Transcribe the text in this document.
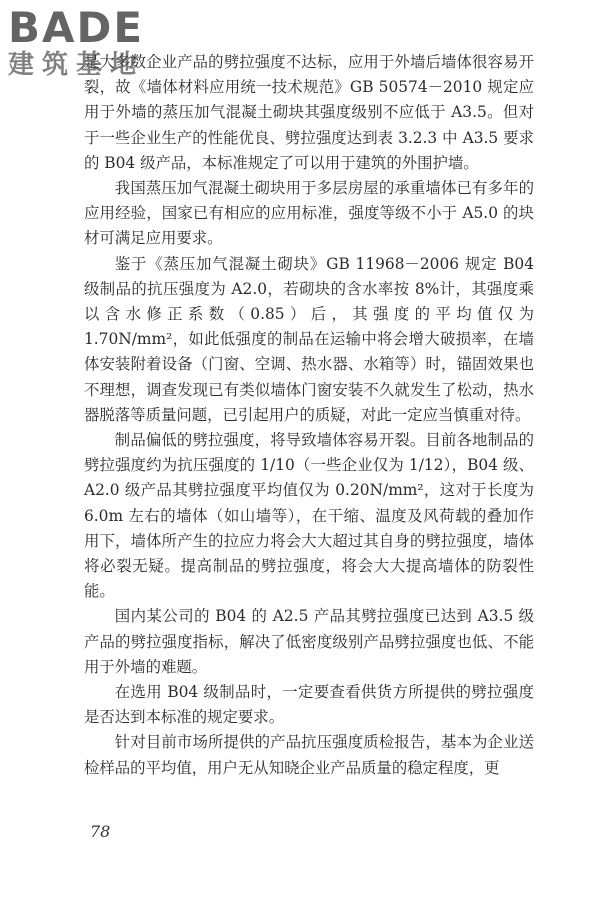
BADE
建筑基地

是大多数企业产品的劈拉强度不达标，应用于外墙后墙体很容易开裂，故《墙体材料应用统一技术规范》GB 50574－2010 规定应用于外墙的蒸压加气混凝土砌块其强度级别不应低于 A3.5。但对于一些企业生产的性能优良、劈拉强度达到表 3.2.3 中 A3.5 要求的 B04 级产品，本标准规定了可以用于建筑的外围护墙。

我国蒸压加气混凝土砌块用于多层房屋的承重墙体已有多年的应用经验，国家已有相应的应用标准，强度等级不小于 A5.0 的块材可满足应用要求。

鉴于《蒸压加气混凝土砌块》GB 11968－2006 规定 B04 级制品的抗压强度为 A2.0，若砌块的含水率按 8%计，其强度乘以含水修正系数（0.85）后，其强度的平均值仅为 1.70N/mm²，如此低强度的制品在运输中将会增大破损率，在墙体安装附着设备（门窗、空调、热水器、水箱等）时，锚固效果也不理想，调查发现已有类似墙体门窗安装不久就发生了松动，热水器脱落等质量问题，已引起用户的质疑，对此一定应当慎重对待。

制品偏低的劈拉强度，将导致墙体容易开裂。目前各地制品的劈拉强度约为抗压强度的 1/10（一些企业仅为 1/12），B04 级、A2.0 级产品其劈拉强度平均值仅为 0.20N/mm²，这对于长度为 6.0m 左右的墙体（如山墙等），在干缩、温度及风荷载的叠加作用下，墙体所产生的拉应力将会大大超过其自身的劈拉强度，墙体将必裂无疑。提高制品的劈拉强度，将会大大提高墙体的防裂性能。

国内某公司的 B04 的 A2.5 产品其劈拉强度已达到 A3.5 级产品的劈拉强度指标，解决了低密度级别产品劈拉强度也低、不能用于外墙的难题。

在选用 B04 级制品时，一定要查看供货方所提供的劈拉强度是否达到本标准的规定要求。

针对目前市场所提供的产品抗压强度质检报告，基本为企业送检样品的平均值，用户无从知晓企业产品质量的稳定程度，更

78
